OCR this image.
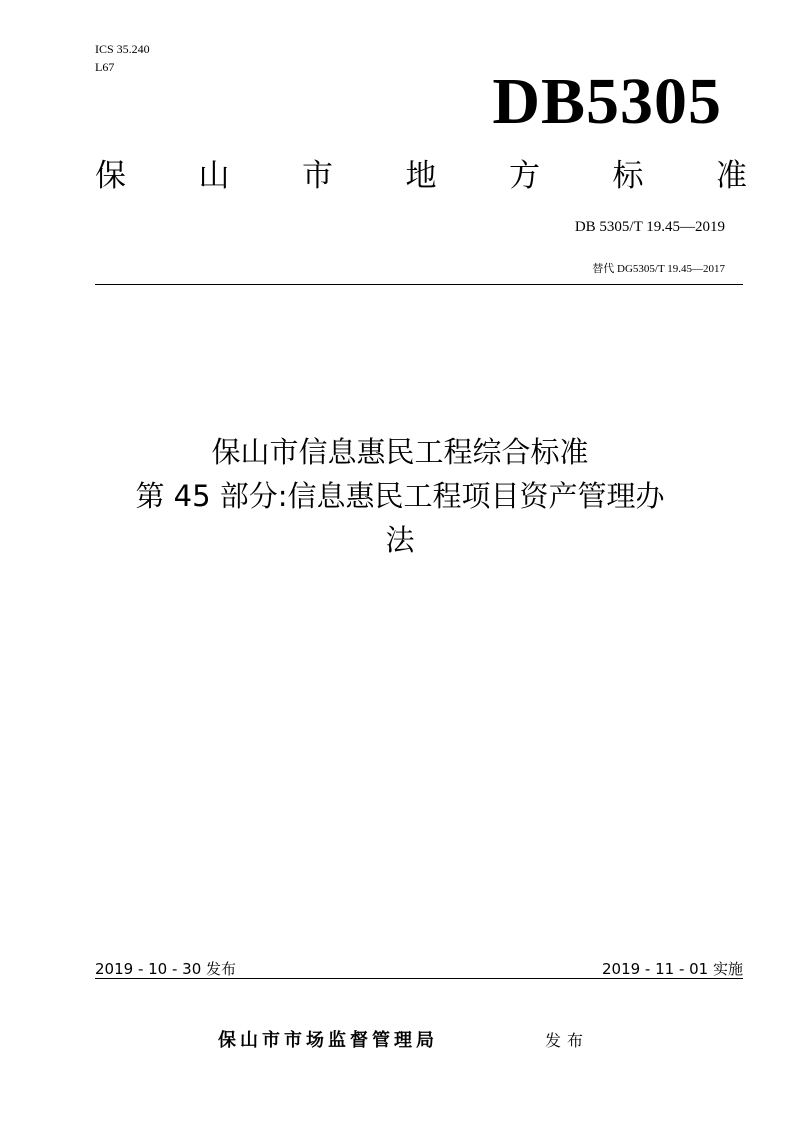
ICS 35.240
L67	DB5305
保 山 市 地 方 标 准
DB 5305/T 19.45—2019
替代 DG5305/T 19.45—2017
保山市信息惠民工程综合标准
第 45 部分:信息惠民工程项目资产管理办
法
2019 - 10 - 30 发布	2019 - 11 - 01 实施
保山市市场监督管理局	发布
